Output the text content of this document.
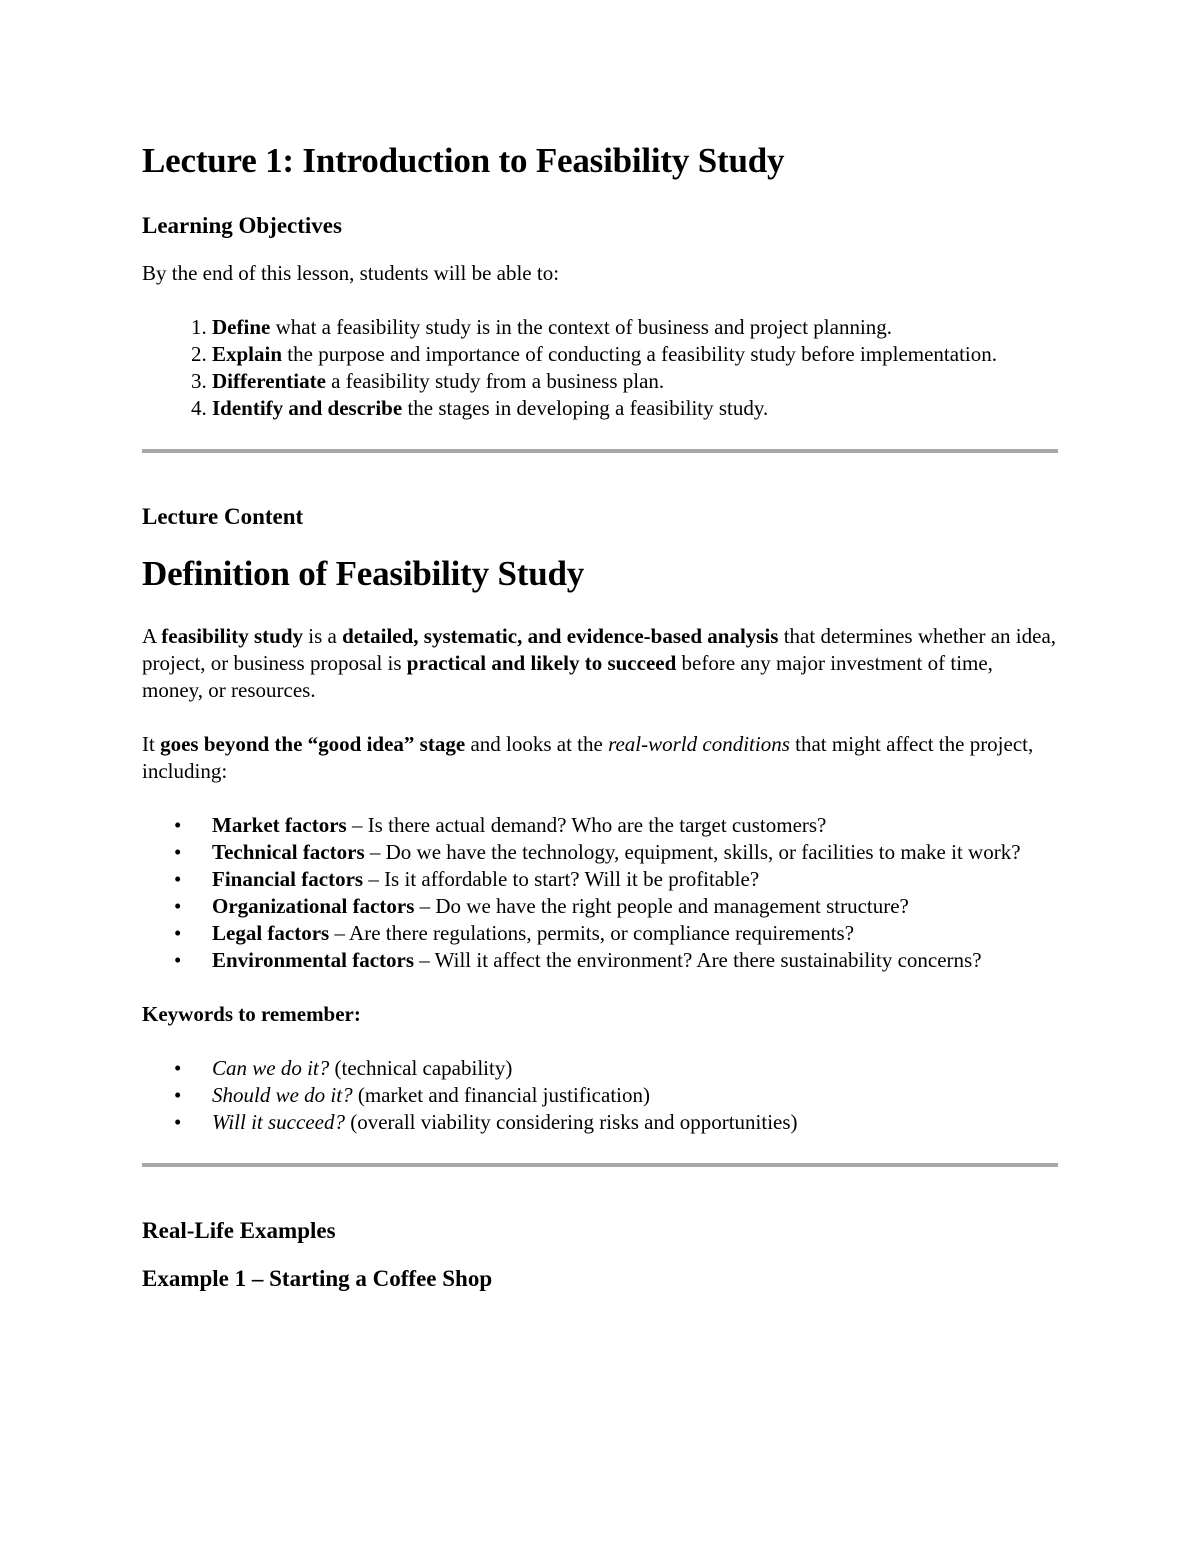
Lecture 1: Introduction to Feasibility Study
Learning Objectives

By the end of this lesson, students will be able to:

1. Define what a feasibility study is in the context of business and project planning.
2. Explain the purpose and importance of conducting a feasibility study before implementation.
3. Differentiate a feasibility study from a business plan.
4. Identify and describe the stages in developing a feasibility study.
Lecture Content
Definition of Feasibility Study

A feasibility study is a detailed, systematic, and evidence-based analysis that determines whether an idea, project, or business proposal is practical and likely to succeed before any major investment of time, money, or resources.

It goes beyond the “good idea” stage and looks at the real-world conditions that might affect the project, including:

• Market factors – Is there actual demand? Who are the target customers?
• Technical factors – Do we have the technology, equipment, skills, or facilities to make it work?
• Financial factors – Is it affordable to start? Will it be profitable?
• Organizational factors – Do we have the right people and management structure?
• Legal factors – Are there regulations, permits, or compliance requirements?
• Environmental factors – Will it affect the environment? Are there sustainability concerns?

Keywords to remember:

• Can we do it? (technical capability)
• Should we do it? (market and financial justification)
• Will it succeed? (overall viability considering risks and opportunities)
Real-Life Examples
Example 1 – Starting a Coffee Shop
